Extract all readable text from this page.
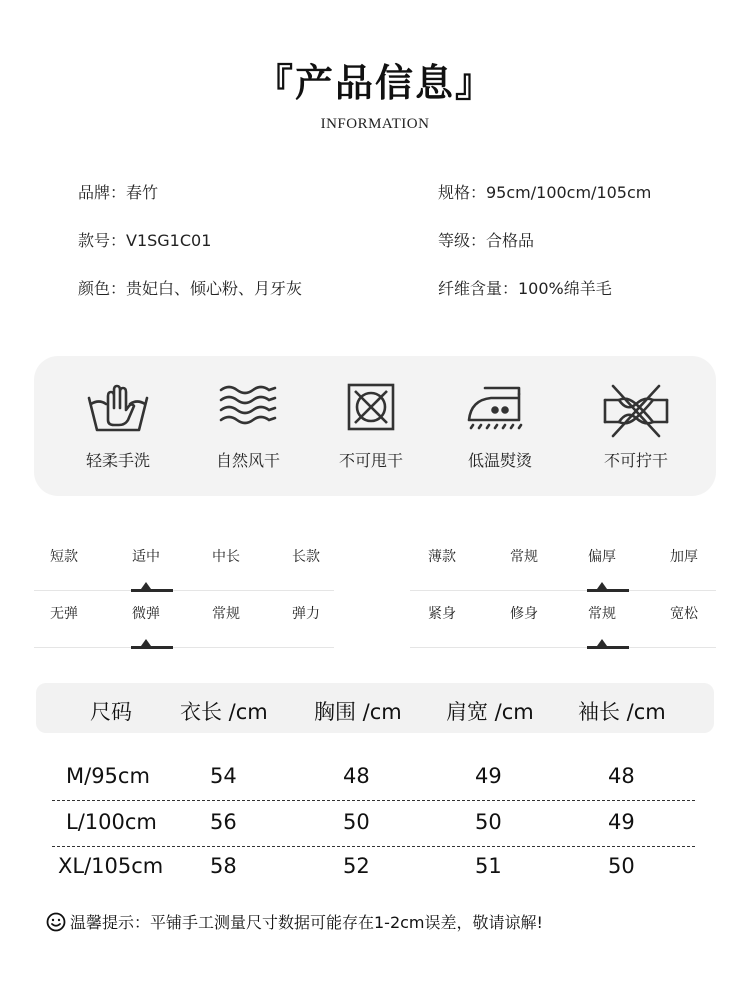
『产品信息』
INFORMATION
品牌：春竹
款号：V1SG1C01
颜色：贵妃白、倾心粉、月牙灰
规格：95cm/100cm/105cm
等级：合格品
纤维含量：100%绵羊毛
轻柔手洗	自然风干	不可甩干	低温熨烫	不可拧干
短款	适中	中长	长款	薄款	常规	偏厚	加厚
无弹	微弹	常规	弹力	紧身	修身	常规	宽松
尺码 衣长 /cm 胸围 /cm 肩宽 /cm 袖长 /cm
M/95cm	54	48	49	48
L/100cm	56	50	50	49
XL/105cm 58	52	51	50
温馨提示：平铺手工测量尺寸数据可能存在1-2cm误差，敬请谅解!
